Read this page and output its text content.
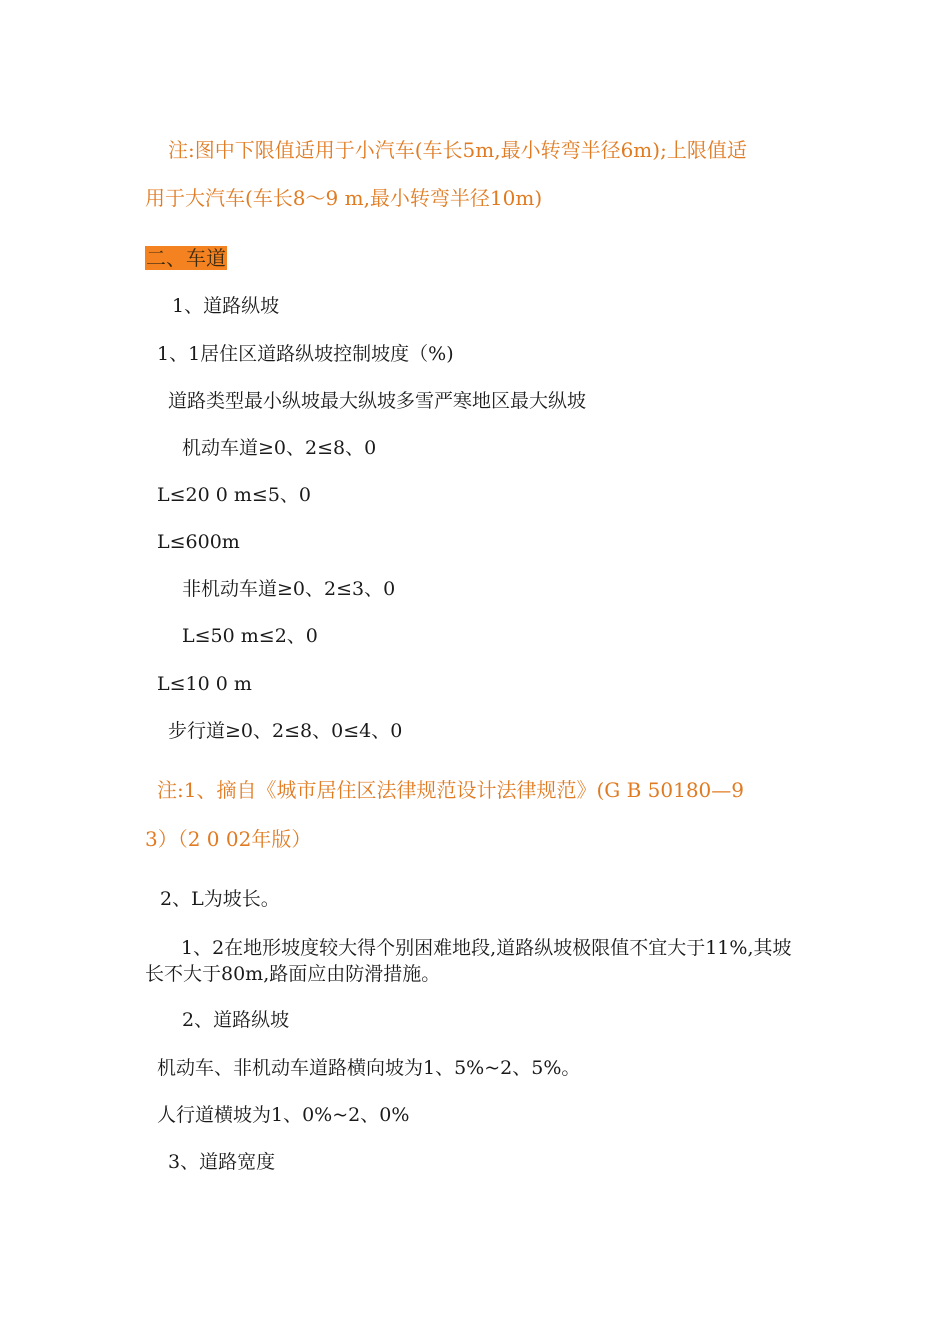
注:图中下限值适用于小汽车(车长5m,最小转弯半径6m);上限值适
用于大汽车(车长8～9 m,最小转弯半径10m)
二、车道
1、道路纵坡
1、1居住区道路纵坡控制坡度（%)
道路类型最小纵坡最大纵坡多雪严寒地区最大纵坡
机动车道≥0、2≤8、0
L≤20 0 m≤5、0
L≤600m
非机动车道≥0、2≤3、0
L≤50 m≤2、0
L≤10 0 m
步行道≥0、2≤8、0≤4、0
注:1、摘自《城市居住区法律规范设计法律规范》(G B 50180—9
3）（2 0 02年版）
2、L为坡长。
1、2在地形坡度较大得个别困难地段,道路纵坡极限值不宜大于11%,其坡长不大于80m,路面应由防滑措施。
2、道路纵坡
机动车、非机动车道路横向坡为1、5%~2、5%。
人行道横坡为1、0%~2、0%
3、道路宽度
